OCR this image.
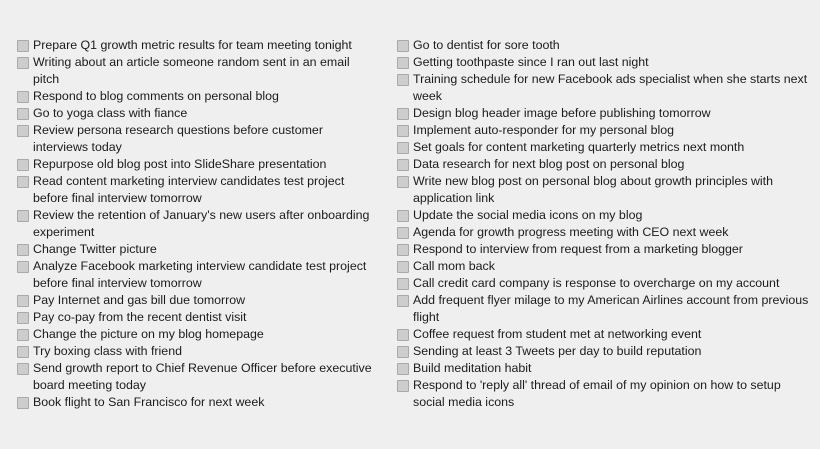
Prepare Q1 growth metric results for team meeting tonight
Writing about an article someone random sent in an email pitch
Respond to blog comments on personal blog
Go to yoga class with fiance
Review persona research questions before customer interviews today
Repurpose old blog post into SlideShare presentation
Read content marketing interview candidates test project before final interview tomorrow
Review the retention of January's new users after onboarding experiment
Change Twitter picture
Analyze Facebook marketing interview candidate test project before final interview tomorrow
Pay Internet and gas bill due tomorrow
Pay co-pay from the recent dentist visit
Change the picture on my blog homepage
Try boxing class with friend
Send growth report to Chief Revenue Officer before executive board meeting today
Book flight to San Francisco for next week
Go to dentist for sore tooth
Getting toothpaste since I ran out last night
Training schedule for new Facebook ads specialist when she starts next week
Design blog header image before publishing tomorrow
Implement auto-responder for my personal blog
Set goals for content marketing quarterly metrics next month
Data research for next blog post on personal blog
Write new blog post on personal blog about growth principles with application link
Update the social media icons on my blog
Agenda for growth progress meeting with CEO next week
Respond to interview from request from a marketing blogger
Call mom back
Call credit card company is response to overcharge on my account
Add frequent flyer milage to my American Airlines account from previous flight
Coffee request from student met at networking event
Sending at least 3 Tweets per day to build reputation
Build meditation habit
Respond to 'reply all' thread of email of my opinion on how to setup social media icons
